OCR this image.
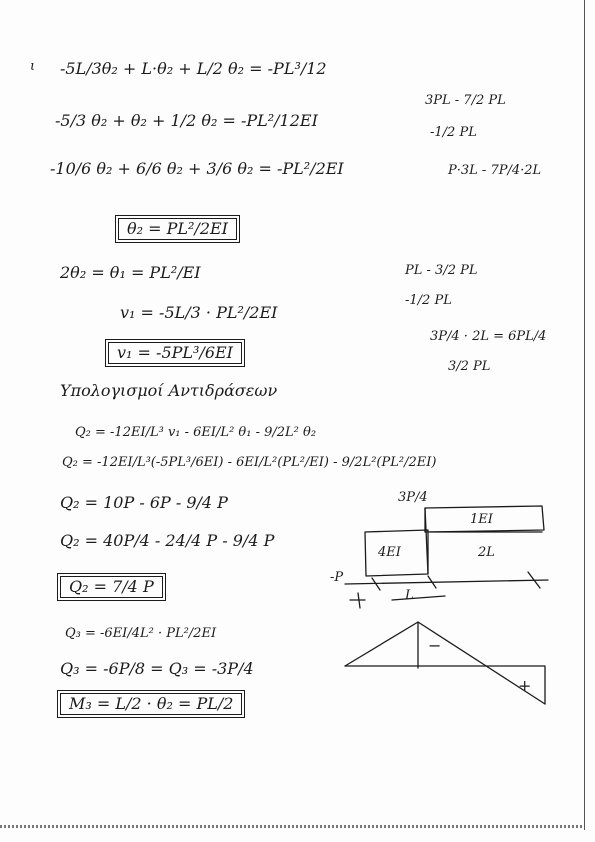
ι -5L/3θ₂ + L·θ₂ + L/2 θ₂ = -PL³/12
-5/3 θ₂ + θ₂ + 1/2 θ₂ = -PL²/12EI
-10/6 θ₂ + 6/6 θ₂ + 3/6 θ₂ = -PL²/2EI
θ₂ = PL²/2EI
2θ₂ = θ₁ = PL²/EI
v₁ = -5L/3 · PL²/2EI
v₁ = -5PL³/6EI
Υπολογισμοί Αντιδράσεων
Q₂ = -12EI/L³ v₁ - 6EI/L² θ₁ - 9/2L² θ₂
Q₂ = -12EI/L³(-5PL³/6EI) - 6EI/L²(PL²/EI) - 9/2L²(PL²/2EI)
Q₂ = 10P - 6P - 9/4 P
Q₂ = 40P/4 - 24/4 P - 9/4 P
Q₂ = 7/4 P
Q₃ = -6EI/4L² · PL²/2EI
Q₃ = -6P/8 = Q₃ = -3P/4
M₃ = L/2 · θ₂ = PL/2
3PL - 7/2 PL
-1/2 PL
P·3L - 7P/4·2L
PL - 3/2 PL
-1/2 PL
3P/4 · 2L = 6PL/4
3/2 PL
3P/4
1EI
4EI	2L
-P
L
−
+
